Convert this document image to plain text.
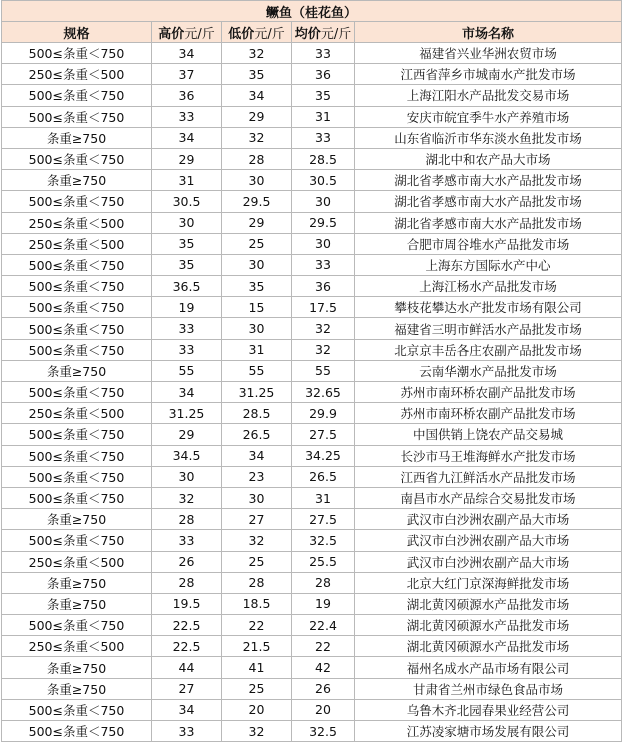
鳜鱼（桂花鱼）				
规格	高价元/斤	低价元/斤	均价元/斤	市场名称
500≤条重＜750	34	32	33	福建省兴业华洲农贸市场
250≤条重＜500	37	35	36	江西省萍乡市城南水产批发市场
500≤条重＜750	36	34	35	上海江阳水产品批发交易市场
500≤条重＜750	33	29	31	安庆市皖宜季牛水产养殖市场
条重≥750	34	32	33	山东省临沂市华东淡水鱼批发市场
500≤条重＜750	29	28	28.5	湖北中和农产品大市场
条重≥750	31	30	30.5	湖北省孝感市南大水产品批发市场
500≤条重＜750	30.5	29.5	30	湖北省孝感市南大水产品批发市场
250≤条重＜500	30	29	29.5	湖北省孝感市南大水产品批发市场
250≤条重＜500	35	25	30	合肥市周谷堆水产品批发市场
500≤条重＜750	35	30	33	上海东方国际水产中心
500≤条重＜750	36.5	35	36	上海江杨水产品批发市场
500≤条重＜750	19	15	17.5	攀枝花攀达水产批发市场有限公司
500≤条重＜750	33	30	32	福建省三明市鲜活水产品批发市场
500≤条重＜750	33	31	32	北京京丰岳各庄农副产品批发市场
条重≥750	55	55	55	云南华潮水产品批发市场
500≤条重＜750	34	31.25	32.65	苏州市南环桥农副产品批发市场
250≤条重＜500	31.25	28.5	29.9	苏州市南环桥农副产品批发市场
500≤条重＜750	29	26.5	27.5	中国供销上饶农产品交易城
500≤条重＜750	34.5	34	34.25	长沙市马王堆海鲜水产批发市场
500≤条重＜750	30	23	26.5	江西省九江鲜活水产品批发市场
500≤条重＜750	32	30	31	南昌市水产品综合交易批发市场
条重≥750	28	27	27.5	武汉市白沙洲农副产品大市场
500≤条重＜750	33	32	32.5	武汉市白沙洲农副产品大市场
250≤条重＜500	26	25	25.5	武汉市白沙洲农副产品大市场
条重≥750	28	28	28	北京大红门京深海鲜批发市场
条重≥750	19.5	18.5	19	湖北黄冈硕源水产品批发市场
500≤条重＜750	22.5	22	22.4	湖北黄冈硕源水产品批发市场
250≤条重＜500	22.5	21.5	22	湖北黄冈硕源水产品批发市场
条重≥750	44	41	42	福州名成水产品市场有限公司
条重≥750	27	25	26	甘肃省兰州市绿色食品市场
500≤条重＜750	34	20	20	乌鲁木齐北园春果业经营公司
500≤条重＜750	33	32	32.5	江苏凌家塘市场发展有限公司
